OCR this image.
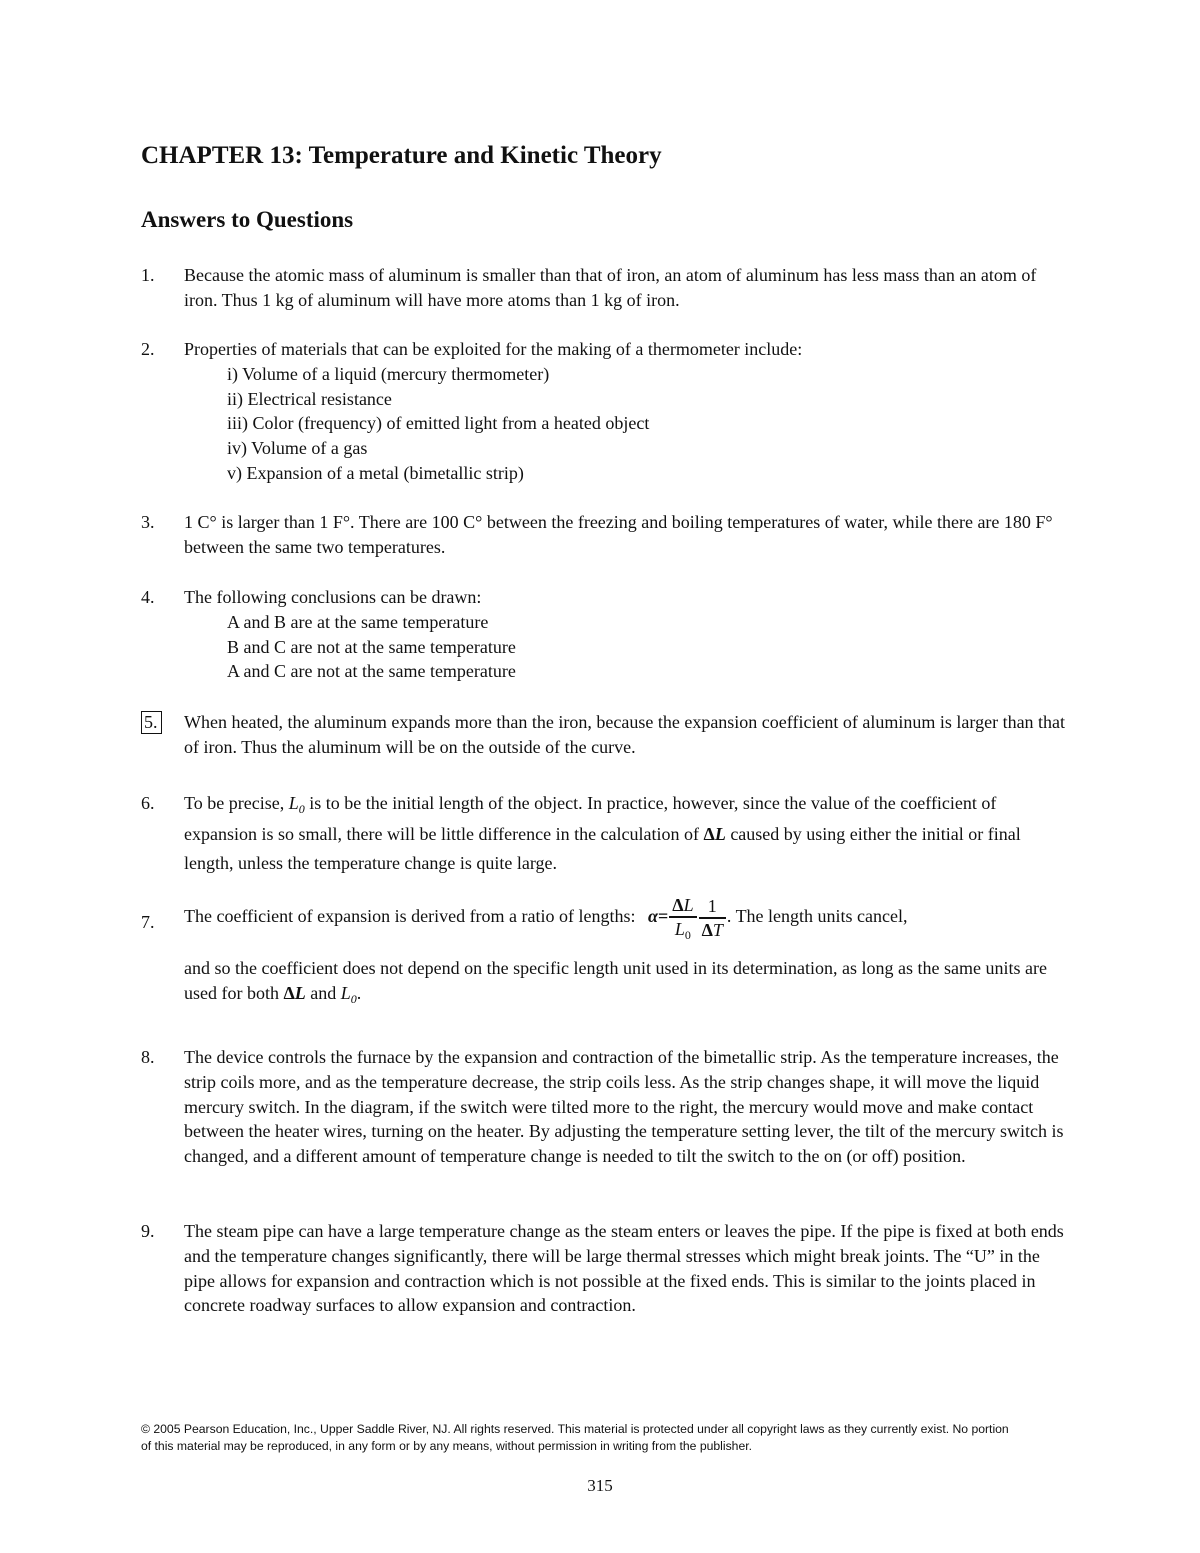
CHAPTER 13: Temperature and Kinetic Theory
Answers to Questions
1.	Because the atomic mass of aluminum is smaller than that of iron, an atom of aluminum has less mass than an atom of iron. Thus 1 kg of aluminum will have more atoms than 1 kg of iron.
2.	Properties of materials that can be exploited for the making of a thermometer include:
i) Volume of a liquid (mercury thermometer)
ii) Electrical resistance
iii) Color (frequency) of emitted light from a heated object
iv) Volume of a gas
v) Expansion of a metal (bimetallic strip)
3.	1 C° is larger than 1 F°. There are 100 C° between the freezing and boiling temperatures of water, while there are 180 F° between the same two temperatures.
4.	The following conclusions can be drawn:
A and B are at the same temperature
B and C are not at the same temperature
A and C are not at the same temperature
5. When heated, the aluminum expands more than the iron, because the expansion coefficient of aluminum is larger than that of iron. Thus the aluminum will be on the outside of the curve.
6.	To be precise, $L_0$ is to be the initial length of the object. In practice, however, since the value of the coefficient of expansion is so small, there will be little difference in the calculation of ΔL caused by using either the initial or final length, unless the temperature change is quite large.
7.	The coefficient of expansion is derived from a ratio of lengths: $\alpha= \frac{\Delta L}{L_0} \frac{1}{\Delta T}$ . The length units cancel,
and so the coefficient does not depend on the specific length unit used in its determination, as long as the same units are used for both ΔL and $L_0$.
8.	The device controls the furnace by the expansion and contraction of the bimetallic strip. As the temperature increases, the strip coils more, and as the temperature decrease, the strip coils less. As the strip changes shape, it will move the liquid mercury switch. In the diagram, if the switch were tilted more to the right, the mercury would move and make contact between the heater wires, turning on the heater. By adjusting the temperature setting lever, the tilt of the mercury switch is changed, and a different amount of temperature change is needed to tilt the switch to the on (or off) position.
9.	The steam pipe can have a large temperature change as the steam enters or leaves the pipe. If the pipe is fixed at both ends and the temperature changes significantly, there will be large thermal stresses which might break joints. The “U” in the pipe allows for expansion and contraction which is not possible at the fixed ends. This is similar to the joints placed in concrete roadway surfaces to allow expansion and contraction.
© 2005 Pearson Education, Inc., Upper Saddle River, NJ. All rights reserved. This material is protected under all copyright laws as they currently exist. No portion of this material may be reproduced, in any form or by any means, without permission in writing from the publisher.
315
